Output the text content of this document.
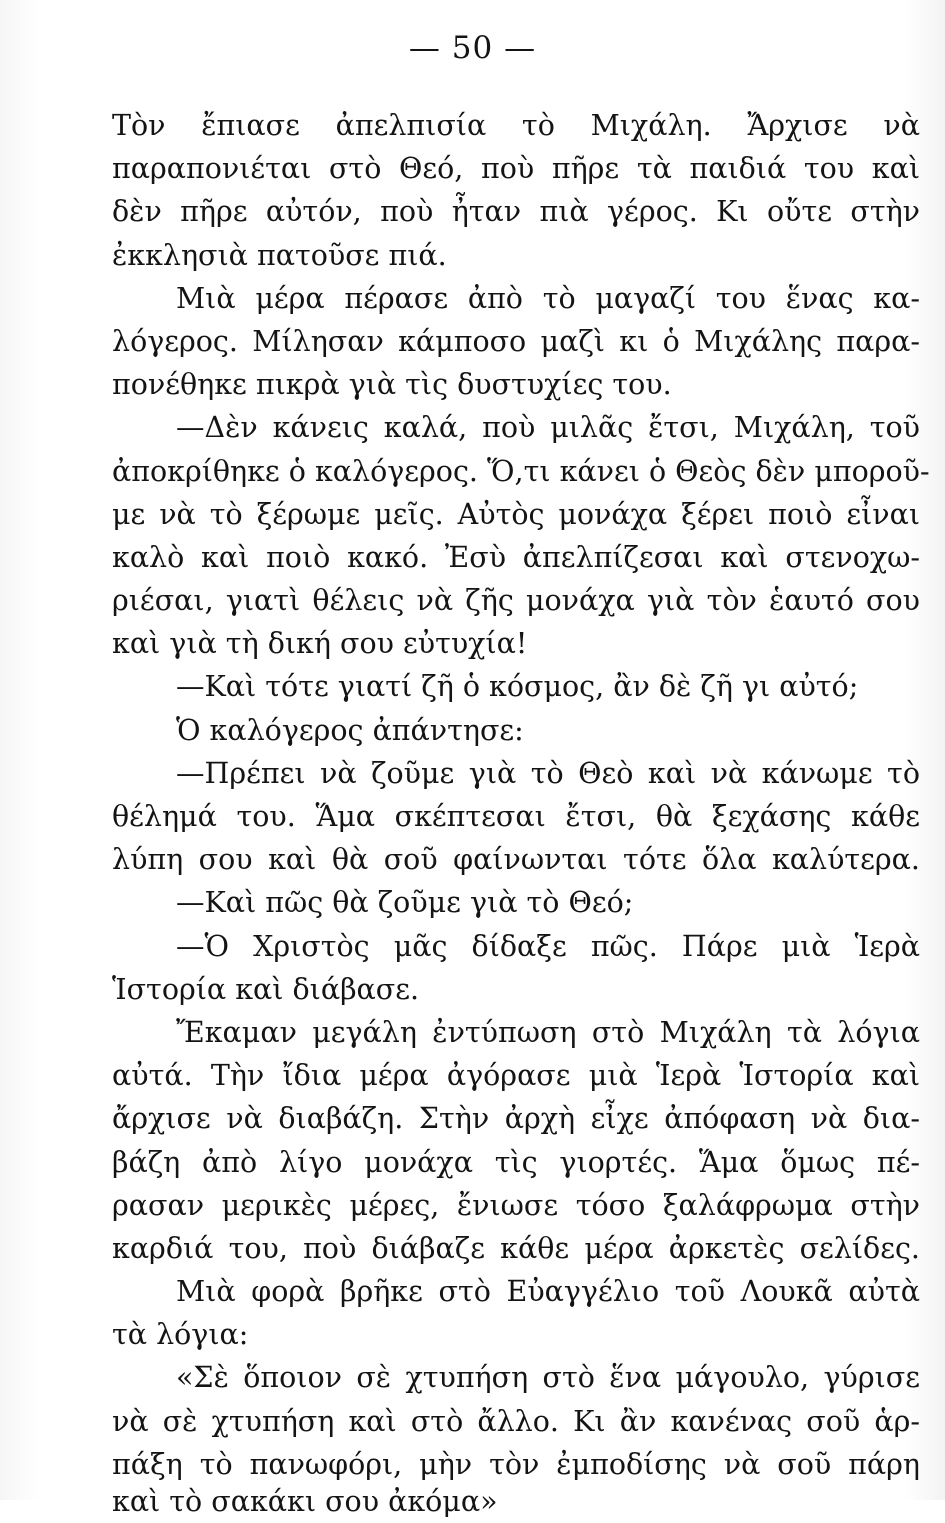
— 50 —
Τὸν ἔπιασε ἀπελπισία τὸ Μιχάλη. Ἄρχισε νὰ
παραπονιέται στὸ Θεό, ποὺ πῆρε τὰ παιδιά του καὶ
δὲν πῆρε αὐτόν, ποὺ ἦταν πιὰ γέρος. Κι οὔτε στὴν
ἐκκλησιὰ πατοῦσε πιά.
Μιὰ μέρα πέρασε ἀπὸ τὸ μαγαζί του ἕνας κα-
λόγερος. Μίλησαν κάμποσο μαζὶ κι ὁ Μιχάλης παρα-
πονέθηκε πικρὰ γιὰ τὶς δυστυχίες του.
—Δὲν κάνεις καλά, ποὺ μιλᾶς ἔτσι, Μιχάλη, τοῦ
ἀποκρίθηκε ὁ καλόγερος. Ὅ,τι κάνει ὁ Θεὸς δὲν μποροῦ-
με νὰ τὸ ξέρωμε μεῖς. Αὐτὸς μονάχα ξέρει ποιὸ εἶναι
καλὸ καὶ ποιὸ κακό. Ἐσὺ ἀπελπίζεσαι καὶ στενοχω-
ριέσαι, γιατὶ θέλεις νὰ ζῆς μονάχα γιὰ τὸν ἑαυτό σου
καὶ γιὰ τὴ δική σου εὐτυχία!
—Καὶ τότε γιατί ζῆ ὁ κόσμος, ἂν δὲ ζῆ γι αὐτό;
Ὁ καλόγερος ἀπάντησε:
—Πρέπει νὰ ζοῦμε γιὰ τὸ Θεὸ καὶ νὰ κάνωμε τὸ
θέλημά του. Ἅμα σκέπτεσαι ἔτσι, θὰ ξεχάσης κάθε
λύπη σου καὶ θὰ σοῦ φαίνωνται τότε ὅλα καλύτερα.
—Καὶ πῶς θὰ ζοῦμε γιὰ τὸ Θεό;
—Ὁ Χριστὸς μᾶς δίδαξε πῶς. Πάρε μιὰ Ἱερὰ
Ἱστορία καὶ διάβασε.
Ἔκαμαν μεγάλη ἐντύπωση στὸ Μιχάλη τὰ λόγια
αὐτά. Τὴν ἴδια μέρα ἀγόρασε μιὰ Ἱερὰ Ἱστορία καὶ
ἄρχισε νὰ διαβάζη. Στὴν ἀρχὴ εἶχε ἀπόφαση νὰ δια-
βάζη ἀπὸ λίγο μονάχα τὶς γιορτές. Ἅμα ὅμως πέ-
ρασαν μερικὲς μέρες, ἔνιωσε τόσο ξαλάφρωμα στὴν
καρδιά του, ποὺ διάβαζε κάθε μέρα ἀρκετὲς σελίδες.
Μιὰ φορὰ βρῆκε στὸ Εὐαγγέλιο τοῦ Λουκᾶ αὐτὰ
τὰ λόγια:
«Σὲ ὅποιον σὲ χτυπήση στὸ ἕνα μάγουλο, γύρισε
νὰ σὲ χτυπήση καὶ στὸ ἄλλο. Κι ἂν κανένας σοῦ ἁρ-
πάξη τὸ πανωφόρι, μὴν τὸν ἐμποδίσης νὰ σοῦ πάρη
καὶ τὸ σακάκι σου ἀκόμα»
